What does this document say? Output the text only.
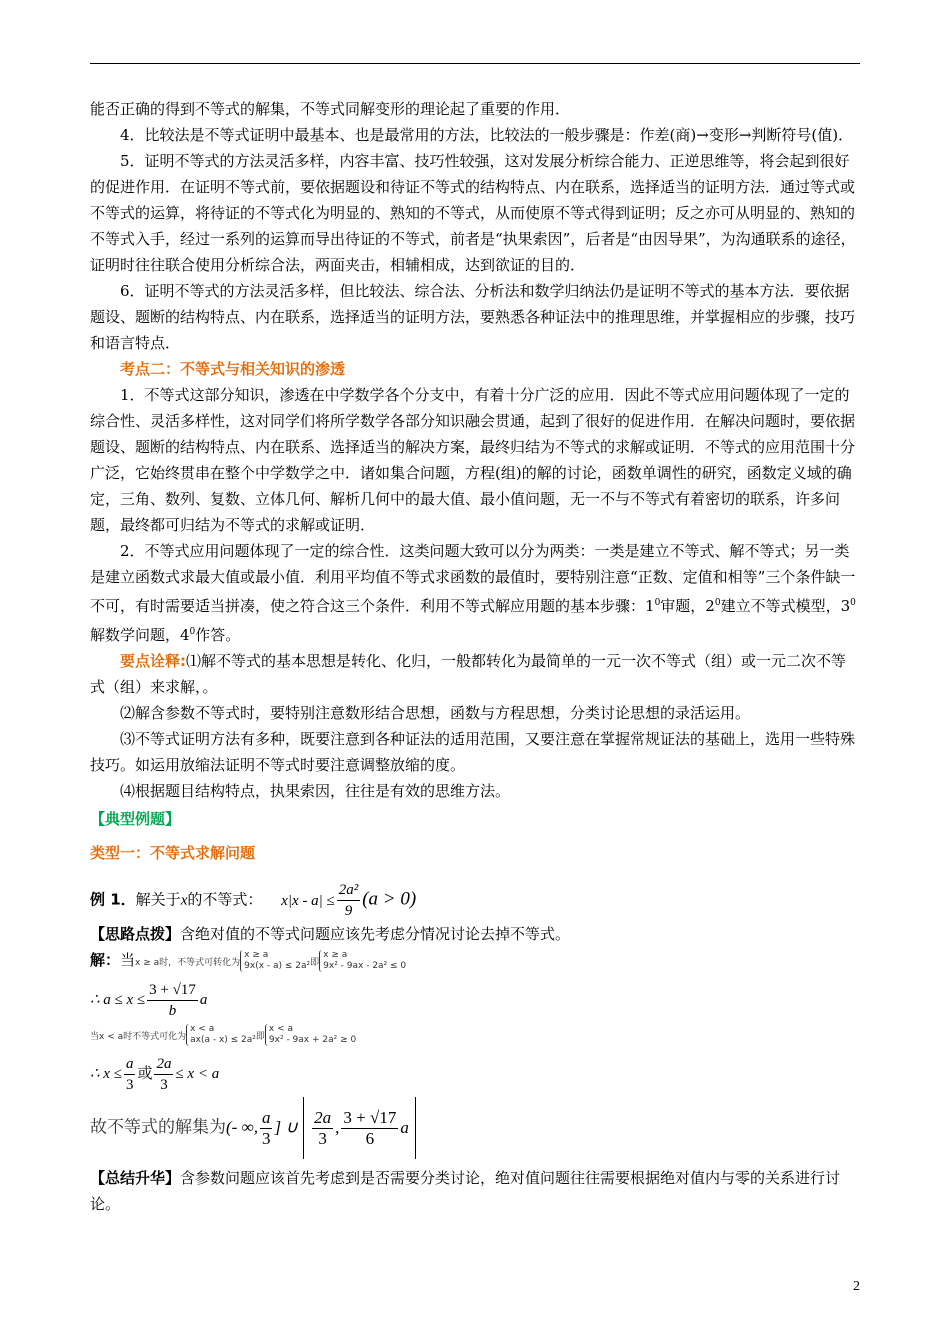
能否正确的得到不等式的解集，不等式同解变形的理论起了重要的作用．

4．比较法是不等式证明中最基本、也是最常用的方法，比较法的一般步骤是：作差(商)→变形→判断符号(值)．

5．证明不等式的方法灵活多样，内容丰富、技巧性较强，这对发展分析综合能力、正逆思维等，将会起到很好的促进作用．在证明不等式前，要依据题设和待证不等式的结构特点、内在联系，选择适当的证明方法．通过等式或不等式的运算，将待证的不等式化为明显的、熟知的不等式，从而使原不等式得到证明；反之亦可从明显的、熟知的不等式入手，经过一系列的运算而导出待证的不等式，前者是“执果索因”，后者是“由因导果”，为沟通联系的途径，证明时往往联合使用分析综合法，两面夹击，相辅相成，达到欲证的目的．

6．证明不等式的方法灵活多样，但比较法、综合法、分析法和数学归纳法仍是证明不等式的基本方法．要依据题设、题断的结构特点、内在联系，选择适当的证明方法，要熟悉各种证法中的推理思维，并掌握相应的步骤，技巧和语言特点．

考点二：不等式与相关知识的渗透

1．不等式这部分知识，渗透在中学数学各个分支中，有着十分广泛的应用．因此不等式应用问题体现了一定的综合性、灵活多样性，这对同学们将所学数学各部分知识融会贯通，起到了很好的促进作用．在解决问题时，要依据题设、题断的结构特点、内在联系、选择适当的解决方案，最终归结为不等式的求解或证明．不等式的应用范围十分广泛，它始终贯串在整个中学数学之中．诸如集合问题，方程(组)的解的讨论，函数单调性的研究，函数定义域的确定，三角、数列、复数、立体几何、解析几何中的最大值、最小值问题，无一不与不等式有着密切的联系，许多问题，最终都可归结为不等式的求解或证明．

2．不等式应用问题体现了一定的综合性．这类问题大致可以分为两类：一类是建立不等式、解不等式；另一类是建立函数式求最大值或最小值．利用平均值不等式求函数的最值时，要特别注意“正数、定值和相等”三个条件缺一不可，有时需要适当拼凑，使之符合这三个条件．利用不等式解应用题的基本步骤：$1^0$审题，$2^0$建立不等式模型，$3^0$解数学问题，$4^0$作答。

要点诠释:⑴解不等式的基本思想是转化、化归，一般都转化为最简单的一元一次不等式（组）或一元二次不等式（组）来求解，。

⑵解含参数不等式时，要特别注意数形结合思想，函数与方程思想，分类讨论思想的录活运用。

⑶不等式证明方法有多种，既要注意到各种证法的适用范围，又要注意在掌握常规证法的基础上，选用一些特殊技巧。如运用放缩法证明不等式时要注意调整放缩的度。

⑷根据题目结构特点，执果索因，往往是有效的思维方法。

【典型例题】

类型一：不等式求解问题

例 1．解关于x的不等式： $x|x - a| \le \frac{\text{2a²}}{9} (a > 0)$

【思路点拨】含绝对值的不等式问题应该先考虑分情况讨论去掉不等式。

解：当x ≥ a时，不等式可转化为
x ≥ a
9x(x - a) ≤ 2a² 即
x ≥ a
9x² - 9ax - 2a² ≤ 0

∴ $a \le x \le \frac{3 + √17}{b}$ a

当x < a时不等式可化为
x < a
ax(a - x) ≤ 2a² 即
x < a
9x² - 9ax + 2a² ≥ 0

∴ $x \le \frac{a}{3}$ 或 $\frac{2a}{3} \le x < a$

故不等式的解集为(- ∞, $\frac{a}{3}$ ] ∪ $\frac{2a}{3}$ , $\frac{3 + √17}{6}$ a

【总结升华】含参数问题应该首先考虑到是否需要分类讨论，绝对值问题往往需要根据绝对值内与零的关系进行讨论。

2
